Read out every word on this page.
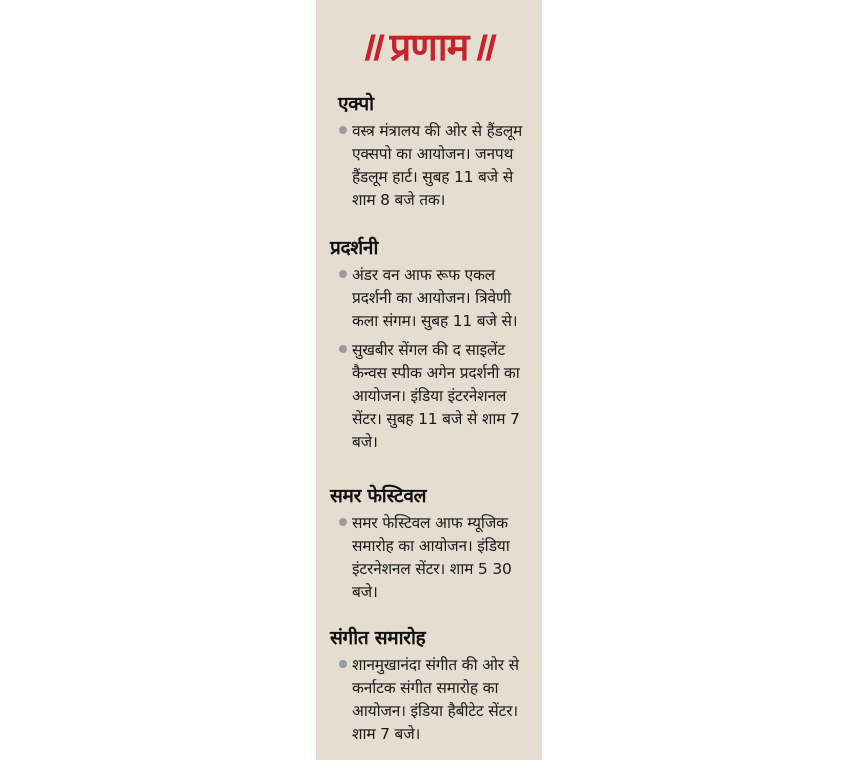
॥ प्रणाम ॥
एक्पो
वस्त्र मंत्रालय की ओर से हैंडलूम एक्सपो का आयोजन। जनपथ हैंडलूम हार्ट। सुबह 11 बजे से शाम 8 बजे तक।
प्रदर्शनी
अंडर वन आफ रूफ एकल प्रदर्शनी का आयोजन। त्रिवेणी कला संगम। सुबह 11 बजे से।
सुखबीर सेंगल की द साइलेंट कैन्वस स्पीक अगेन प्रदर्शनी का आयोजन। इंडिया इंटरनेशनल सेंटर। सुबह 11 बजे से शाम 7 बजे।
समर फेस्टिवल
समर फेस्टिवल आफ म्यूजिक समारोह का आयोजन। इंडिया इंटरनेशनल सेंटर। शाम 5 30 बजे।
संगीत समारोह
शानमुखानंदा संगीत की ओर से कर्नाटक संगीत समारोह का आयोजन। इंडिया हैबीटेट सेंटर। शाम 7 बजे।
